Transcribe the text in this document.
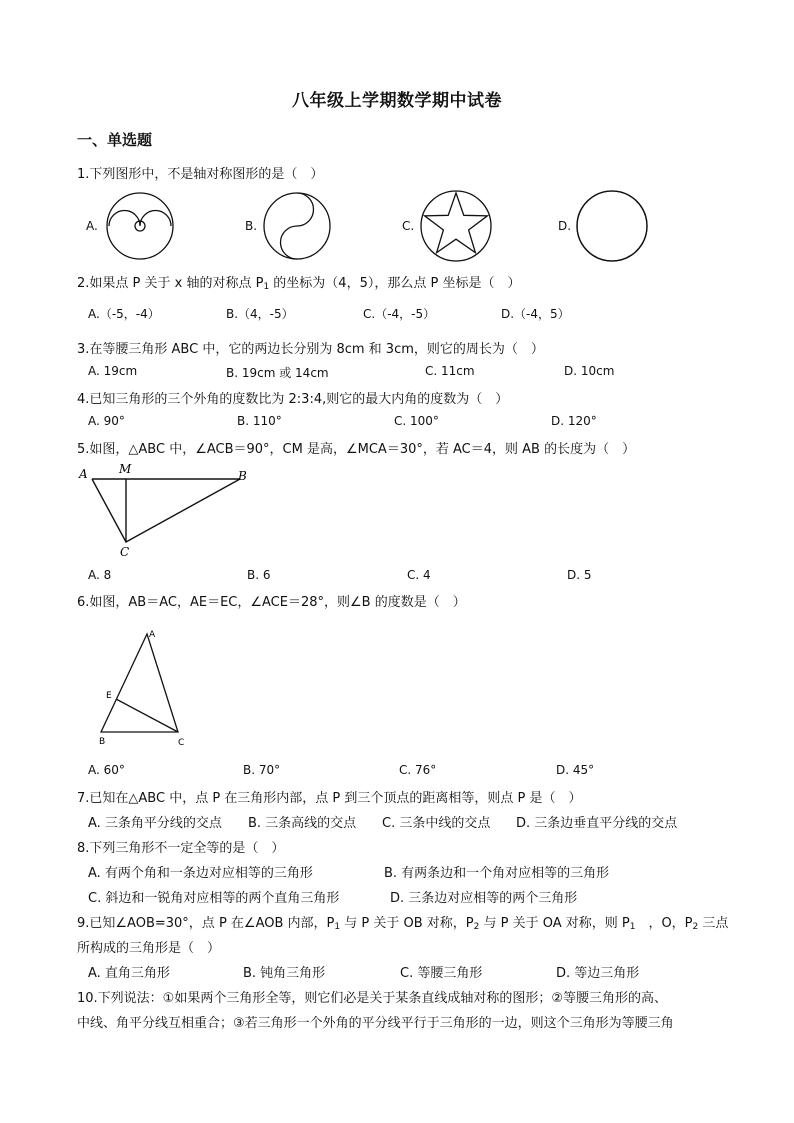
八年级上学期数学期中试卷
一、单选题
1.下列图形中，不是轴对称图形的是（　）
A.	B.	C.	D.
2.如果点 P 关于 x 轴的对称点 $P_1$ 的坐标为（4，5），那么点 P 坐标是（　）
A.（-5，-4）	B.（4，-5）	C.（-4，-5）	D.（-4，5）
3.在等腰三角形 ABC 中，它的两边长分别为 8cm 和 3cm，则它的周长为（　）
A. 19cm	B. 19cm 或 14cm	C. 11cm	D. 10cm
4.已知三角形的三个外角的度数比为 2:3:4,则它的最大内角的度数为（　）
A. 90°	B. 110°	C. 100°	D. 120°
5.如图，△ABC 中，∠ACB＝90°，CM 是高，∠MCA＝30°，若 AC＝4，则 AB 的长度为（　）
A	M	B
C
A. 8	B. 6	C. 4	D. 5
6.如图，AB＝AC，AE＝EC，∠ACE＝28°，则∠B 的度数是（　）
A
E
B	C
A. 60°	B. 70°	C. 76°	D. 45°
7.已知在△ABC 中，点 P 在三角形内部，点 P 到三个顶点的距离相等，则点 P 是（　）
A. 三条角平分线的交点 B. 三条高线的交点 C. 三条中线的交点 D. 三条边垂直平分线的交点
8.下列三角形不一定全等的是（　）
A. 有两个角和一条边对应相等的三角形	B. 有两条边和一个角对应相等的三角形
C. 斜边和一锐角对应相等的两个直角三角形	D. 三条边对应相等的两个三角形
9.已知∠AOB=30°，点 P 在∠AOB 内部，$P_1$ 与 P 关于 OB 对称，$P_2$ 与 P 关于 OA 对称，则 $P_1$　，O，$P_2$ 三点
所构成的三角形是（　）
A. 直角三角形	B. 钝角三角形	C. 等腰三角形	D. 等边三角形
10.下列说法：①如果两个三角形全等，则它们必是关于某条直线成轴对称的图形；②等腰三角形的高、
中线、角平分线互相重合；③若三角形一个外角的平分线平行于三角形的一边，则这个三角形为等腰三角
